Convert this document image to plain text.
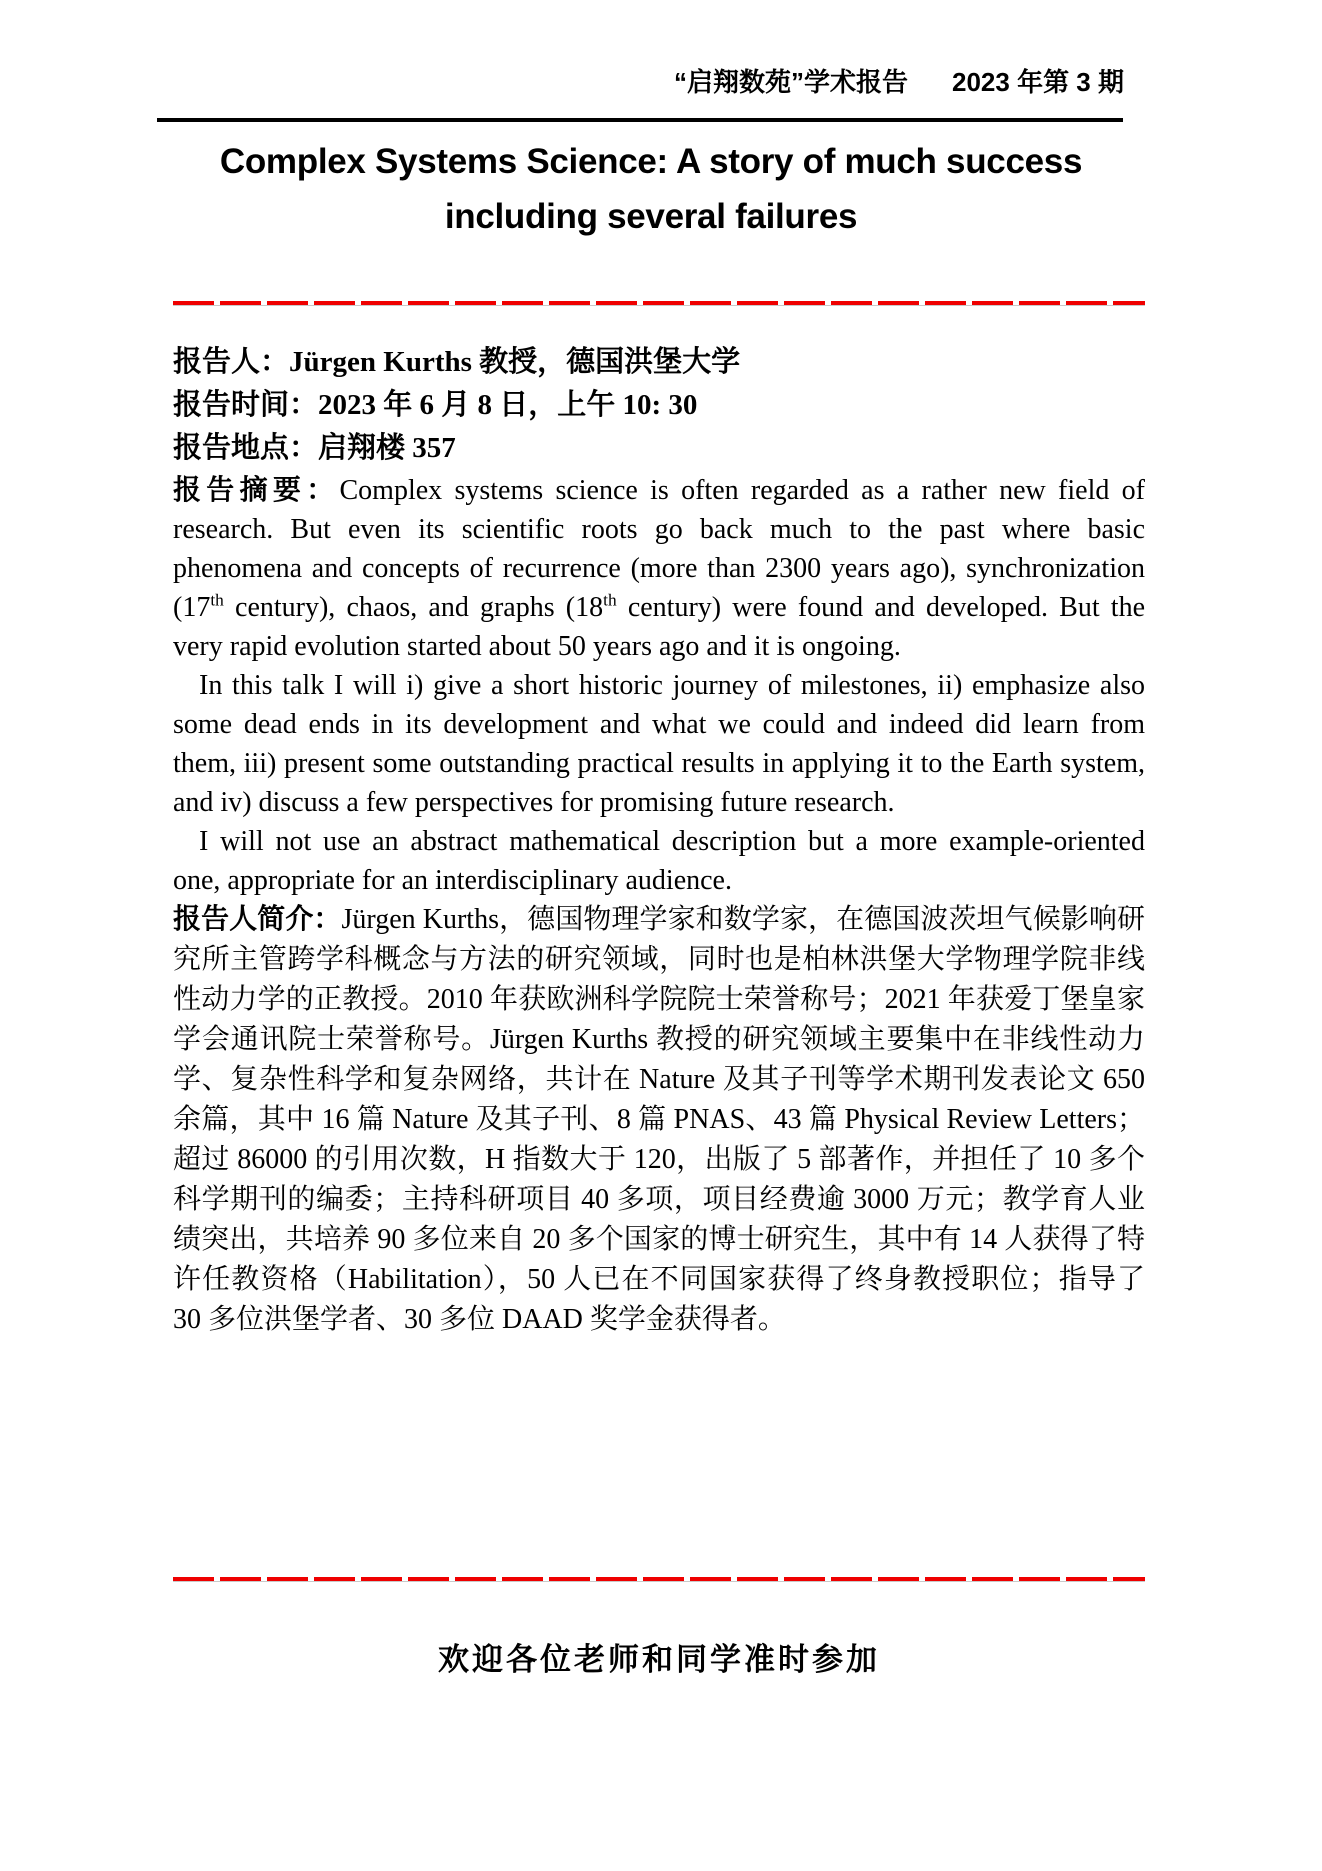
“启翔数苑”学术报告 2023 年第 3 期
Complex Systems Science: A story of much success
including several failures
报告人：Jürgen Kurths 教授，德国洪堡大学
报告时间：2023 年 6 月 8 日，上午 10: 30
报告地点：启翔楼 357

报告摘要：Complex systems science is often regarded as a rather new field of research. But even its scientific roots go back much to the past where basic phenomena and concepts of recurrence (more than 2300 years ago), synchronization (17th century), chaos, and graphs (18th century) were found and developed. But the very rapid evolution started about 50 years ago and it is ongoing.

In this talk I will i) give a short historic journey of milestones, ii) emphasize also some dead ends in its development and what we could and indeed did learn from them, iii) present some outstanding practical results in applying it to the Earth system, and iv) discuss a few perspectives for promising future research.

I will not use an abstract mathematical description but a more example-oriented one, appropriate for an interdisciplinary audience.

报告人简介：Jürgen Kurths，德国物理学家和数学家，在德国波茨坦气候影响研究所主管跨学科概念与方法的研究领域，同时也是柏林洪堡大学物理学院非线性动力学的正教授。2010 年获欧洲科学院院士荣誉称号；2021 年获爱丁堡皇家学会通讯院士荣誉称号。Jürgen Kurths 教授的研究领域主要集中在非线性动力学、复杂性科学和复杂网络，共计在 Nature 及其子刊等学术期刊发表论文 650 余篇，其中 16 篇 Nature 及其子刊、8 篇 PNAS、43 篇 Physical Review Letters；超过 86000 的引用次数，H 指数大于 120，出版了 5 部著作，并担任了 10 多个科学期刊的编委；主持科研项目 40 多项，项目经费逾 3000 万元；教学育人业绩突出，共培养 90 多位来自 20 多个国家的博士研究生，其中有 14 人获得了特许任教资格（Habilitation），50 人已在不同国家获得了终身教授职位；指导了 30 多位洪堡学者、30 多位 DAAD 奖学金获得者。

欢迎各位老师和同学准时参加
